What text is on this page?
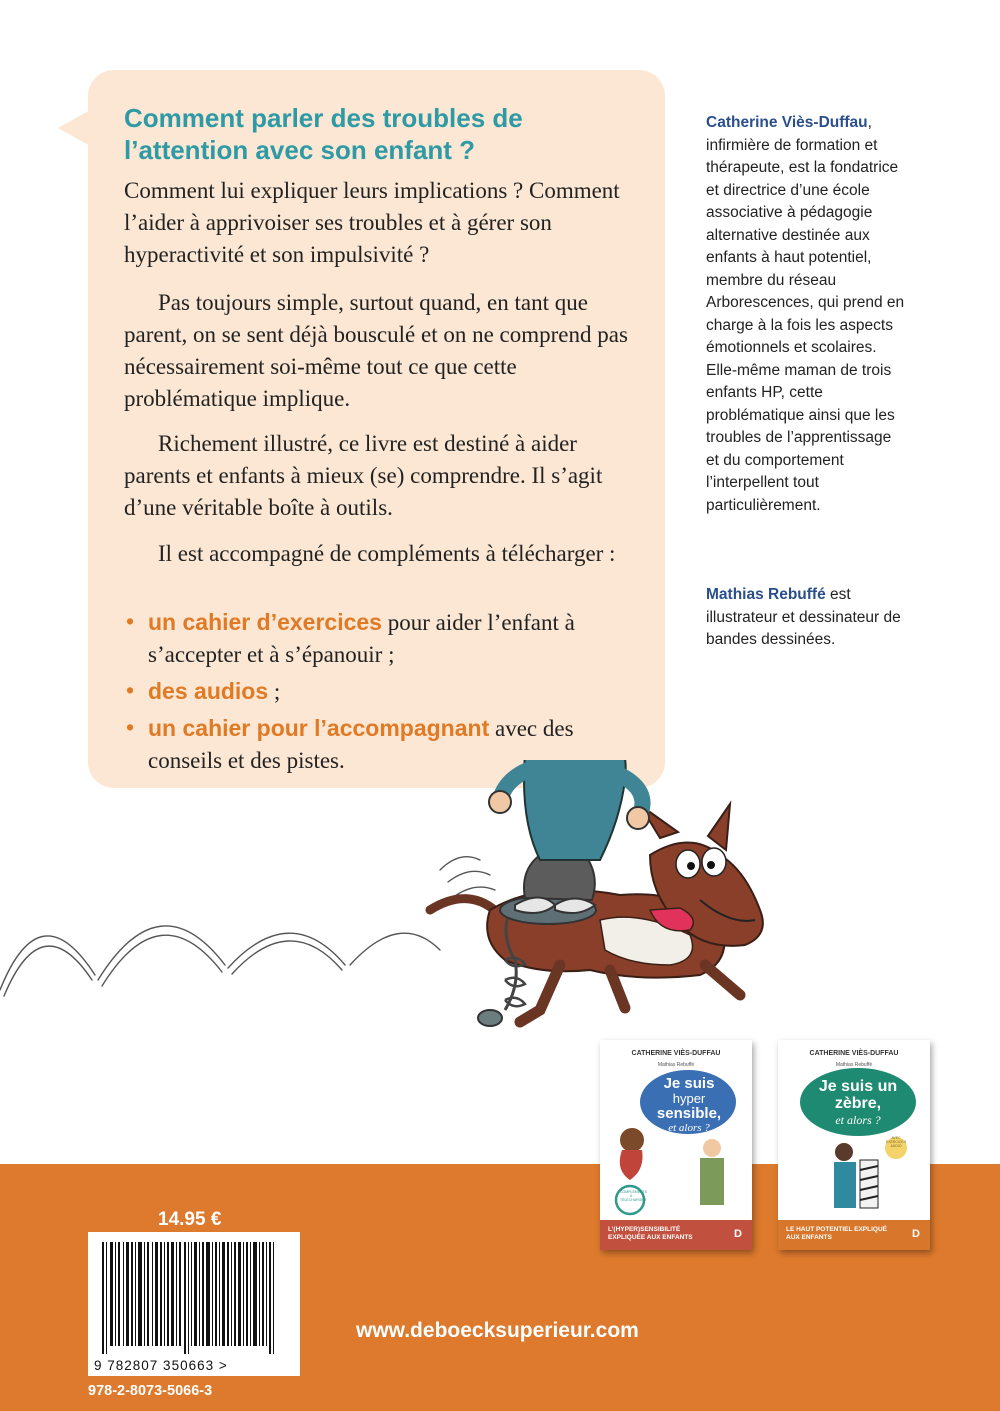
Comment parler des troubles de l’attention avec son enfant ?

Comment lui expliquer leurs implications ? Comment l’aider à apprivoiser ses troubles et à gérer son hyperactivité et son impulsivité ?

Pas toujours simple, surtout quand, en tant que parent, on se sent déjà bousculé et on ne comprend pas nécessairement soi-même tout ce que cette problématique implique.

Richement illustré, ce livre est destiné à aider parents et enfants à mieux (se) comprendre. Il s’agit d’une véritable boîte à outils.

Il est accompagné de compléments à télécharger :

• un cahier d’exercices pour aider l’enfant à s’accepter et à s’épanouir ;
• des audios ;
• un cahier pour l’accompagnant avec des conseils et des pistes.

Catherine Viès-Duffau, infirmière de formation et thérapeute, est la fondatrice et directrice d’une école associative à pédagogie alternative destinée aux enfants à haut potentiel, membre du réseau Arborescences, qui prend en charge à la fois les aspects émotionnels et scolaires. Elle-même maman de trois enfants HP, cette problématique ainsi que les troubles de l’apprentissage et du comportement l’interpellent tout particulièrement.

Mathias Rebuffé est illustrateur et dessinateur de bandes dessinées.

CATHERINE VIÈS-DUFFAU
Mathias Rebuffé
Je suis
hyper
sensible,
et alors ?
COMPLÉMENTS À TÉLÉCHARGER
L’(HYPER)SENSIBILITÉ EXPLIQUÉE AUX ENFANTS	D
CATHERINE VIÈS-DUFFAU
Mathias Rebuffé
Je suis un
zèbre,
et alors ?
AVEC EXERCICES AUDIO
LE HAUT POTENTIEL EXPLIQUÉ AUX ENFANTS	D

14.95 €

9 782807 350663 >

978-2-8073-5066-3

www.deboecksuperieur.com
